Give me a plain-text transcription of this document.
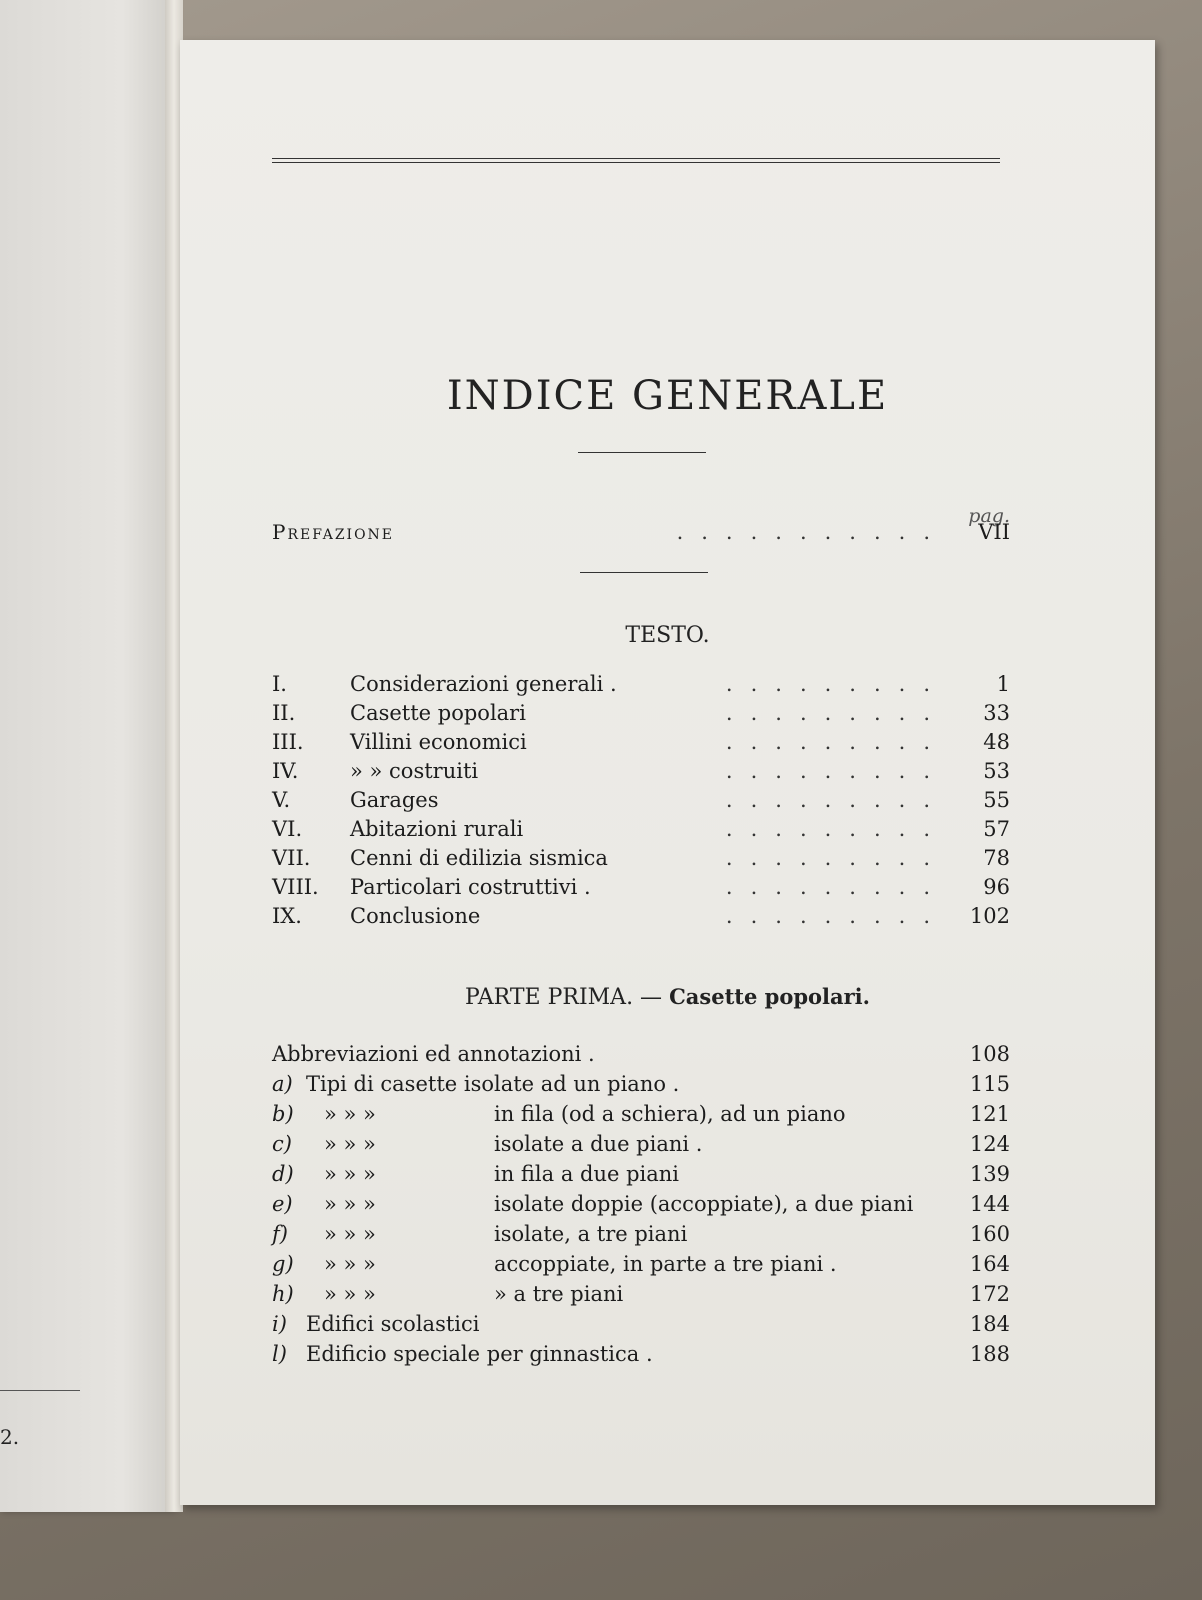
2.
INDICE GENERALE
pag.
Prefazione	...........	VII
TESTO.
I.	Considerazioni generali .	.........	1
II.	Casette popolari	.........	33
III. Villini economici	.........	48
IV. » » costruiti	.........	53
V.	Garages	.........	55
VI. Abitazioni rurali	.........	57
VII. Cenni di edilizia sismica	.........	78
VIII. Particolari costruttivi .	.........	96
IX. Conclusione	.........	102
PARTE PRIMA. — Casette popolari.
Abbreviazioni ed annotazioni .	108
a) Tipi di casette isolate ad un piano .	115
b) » » »	in fila (od a schiera), ad un piano	121
c) » » »	isolate a due piani .	124
d) » » »	in fila a due piani	139
e) » » »	isolate doppie (accoppiate), a due piani	144
f) » » »	isolate, a tre piani	160
g) » » »	accoppiate, in parte a tre piani .	164
h) » » »	» a tre piani	172
i) Edifici scolastici	184
l) Edificio speciale per ginnastica .	188
